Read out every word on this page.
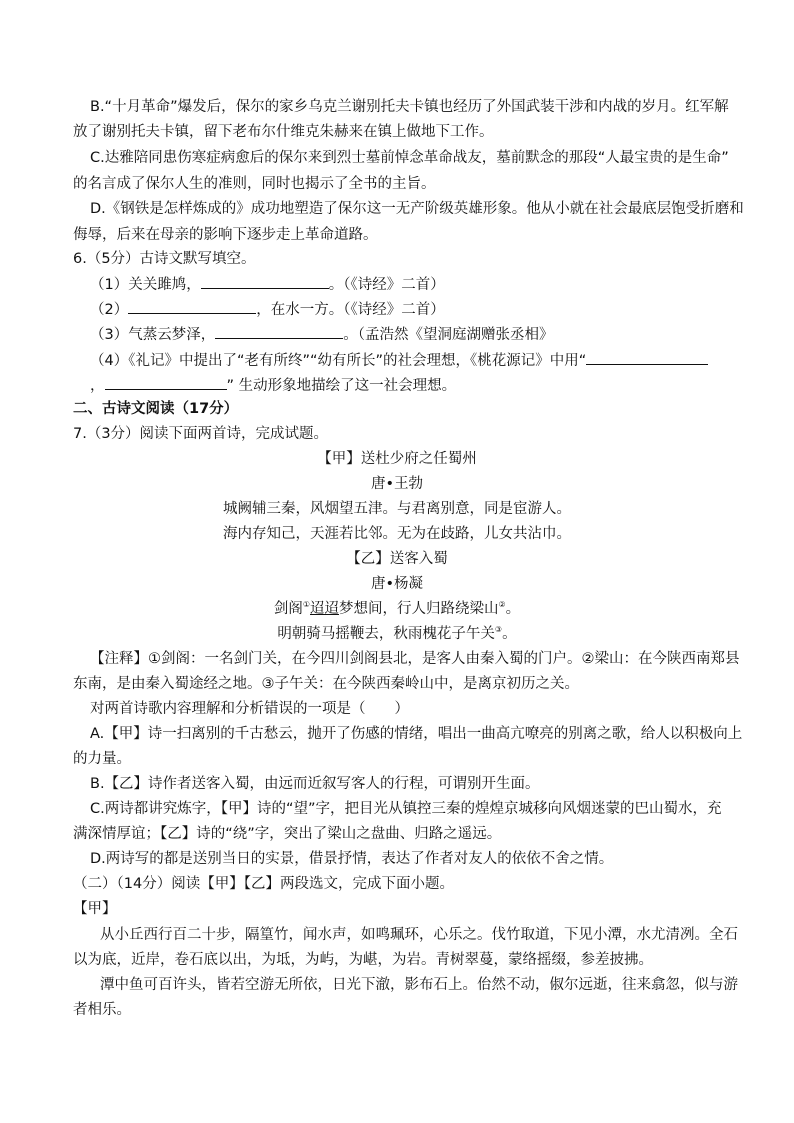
B.“十月革命”爆发后，保尔的家乡乌克兰谢别托夫卡镇也经历了外国武装干涉和内战的岁月。红军解
放了谢别托夫卡镇，留下老布尔什维克朱赫来在镇上做地下工作。
C.达雅陪同患伤寒症病愈后的保尔来到烈士墓前悼念革命战友，墓前默念的那段“人最宝贵的是生命”
的名言成了保尔人生的准则，同时也揭示了全书的主旨。
D.《钢铁是怎样炼成的》成功地塑造了保尔这一无产阶级英雄形象。他从小就在社会最底层饱受折磨和
侮辱，后来在母亲的影响下逐步走上革命道路。
6.（5分）古诗文默写填空。
（1）关关雎鸠，	。（《诗经》二首）
（2）	，在水一方。（《诗经》二首）
（3）气蒸云梦泽，	。（孟浩然《望洞庭湖赠张丞相》
（4）《礼记》中提出了“老有所终”“幼有所长”的社会理想，《桃花源记》中用“
，	” 生动形象地描绘了这一社会理想。
二、古诗文阅读（17分）
7.（3分）阅读下面两首诗，完成试题。
【甲】送杜少府之任蜀州
唐•王勃
城阙辅三秦，风烟望五津。与君离别意，同是宦游人。
海内存知己，天涯若比邻。无为在歧路，儿女共沾巾。
【乙】送客入蜀
唐•杨凝
剑阁①迢迢梦想间，行人归路绕梁山②。
明朝骑马摇鞭去，秋雨槐花子午关③。
【注释】①剑阁：一名剑门关，在今四川剑阁县北，是客人由秦入蜀的门户。②梁山：在今陕西南郑县
东南，是由秦入蜀途经之地。③子午关：在今陕西秦岭山中，是离京初历之关。
对两首诗歌内容理解和分析错误的一项是（　　）
A.【甲】诗一扫离别的千古愁云，抛开了伤感的情绪，唱出一曲高亢嘹亮的别离之歌，给人以积极向上
的力量。
B.【乙】诗作者送客入蜀，由远而近叙写客人的行程，可谓别开生面。
C.两诗都讲究炼字，【甲】诗的“望”字，把目光从镇控三秦的煌煌京城移向风烟迷蒙的巴山蜀水，充
满深情厚谊；【乙】诗的“绕”字，突出了梁山之盘曲、归路之遥远。
D.两诗写的都是送别当日的实景，借景抒情，表达了作者对友人的依依不舍之情。
（二）（14分）阅读【甲】【乙】两段选文，完成下面小题。
【甲】
从小丘西行百二十步，隔篁竹，闻水声，如鸣珮环，心乐之。伐竹取道，下见小潭，水尤清冽。全石
以为底，近岸，卷石底以出，为坻，为屿，为嵁，为岩。青树翠蔓，蒙络摇缀，参差披拂。
潭中鱼可百许头，皆若空游无所依，日光下澈，影布石上。佁然不动，俶尔远逝，往来翕忽，似与游
者相乐。
